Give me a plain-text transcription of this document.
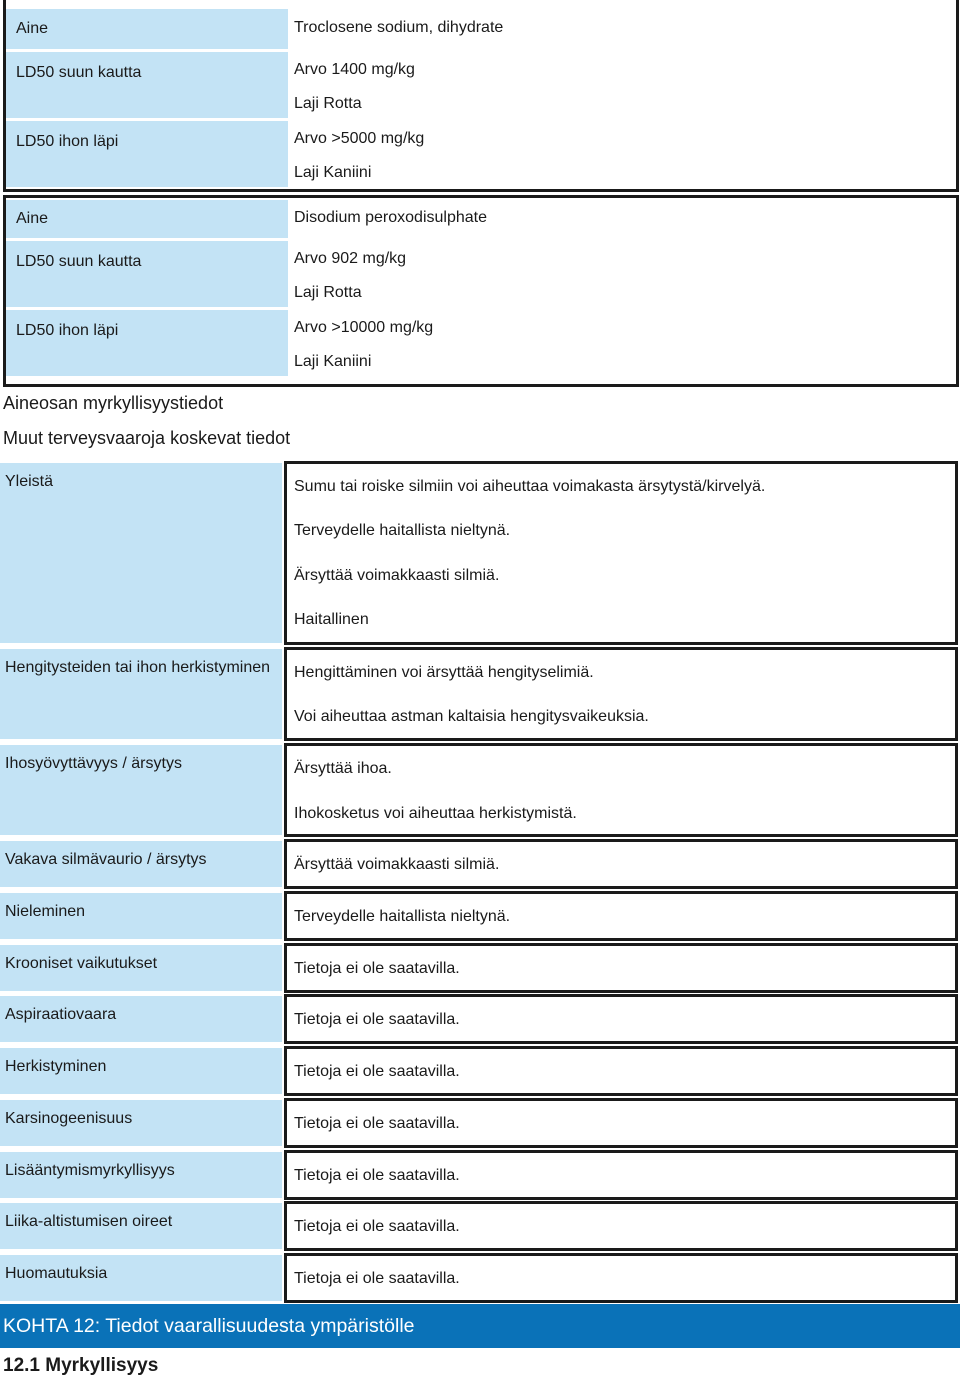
Aine	Troclosene sodium, dihydrate
LD50 suun kautta	Arvo 1400 mg/kg
Laji Rotta
LD50 ihon läpi	Arvo >5000 mg/kg
Laji Kaniini
Aine	Disodium peroxodisulphate
LD50 suun kautta	Arvo 902 mg/kg
Laji Rotta
LD50 ihon läpi	Arvo >10000 mg/kg
Laji Kaniini
Aineosan myrkyllisyystiedot
Muut terveysvaaroja koskevat tiedot
Yleistä	Sumu tai roiske silmiin voi aiheuttaa voimakasta ärsytystä/kirvelyä.
Terveydelle haitallista nieltynä.
Ärsyttää voimakkaasti silmiä.
Haitallinen
Hengitysteiden tai ihon herkistyminen	Hengittäminen voi ärsyttää hengityselimiä.
Voi aiheuttaa astman kaltaisia hengitysvaikeuksia.
Ihosyövyttävyys / ärsytys	Ärsyttää ihoa.
Ihokosketus voi aiheuttaa herkistymistä.
Vakava silmävaurio / ärsytys	Ärsyttää voimakkaasti silmiä.
Nieleminen	Terveydelle haitallista nieltynä.
Krooniset vaikutukset	Tietoja ei ole saatavilla.
Aspiraatiovaara	Tietoja ei ole saatavilla.
Herkistyminen	Tietoja ei ole saatavilla.
Karsinogeenisuus	Tietoja ei ole saatavilla.
Lisääntymismyrkyllisyys	Tietoja ei ole saatavilla.
Liika-altistumisen oireet	Tietoja ei ole saatavilla.
Huomautuksia	Tietoja ei ole saatavilla.
KOHTA 12: Tiedot vaarallisuudesta ympäristölle
12.1 Myrkyllisyys
